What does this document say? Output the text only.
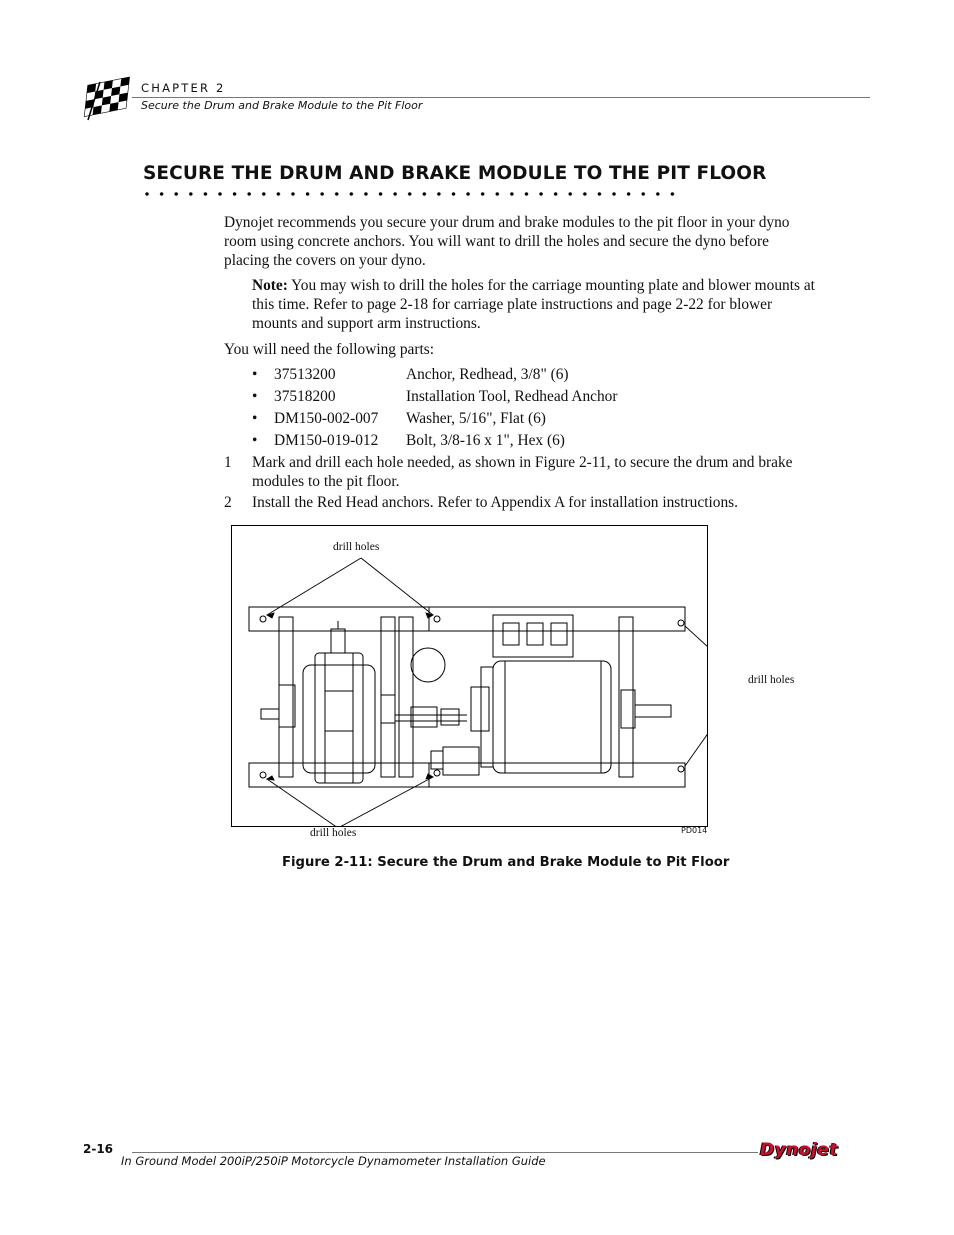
CHAPTER 2
Secure the Drum and Brake Module to the Pit Floor
SECURE THE DRUM AND BRAKE MODULE TO THE PIT FLOOR
Dynojet recommends you secure your drum and brake modules to the pit floor in your dyno room using concrete anchors. You will want to drill the holes and secure the dyno before placing the covers on your dyno.
Note: You may wish to drill the holes for the carriage mounting plate and blower mounts at this time. Refer to page 2-18 for carriage plate instructions and page 2-22 for blower mounts and support arm instructions.
You will need the following parts:
• 37513200	Anchor, Redhead, 3/8" (6)
• 37518200	Installation Tool, Redhead Anchor
• DM150-002-007 Washer, 5/16", Flat (6)
• DM150-019-012 Bolt, 3/8-16 x 1", Hex (6)
1 Mark and drill each hole needed, as shown in Figure 2-11, to secure the drum and brake modules to the pit floor.
2 Install the Red Head anchors. Refer to Appendix A for installation instructions.
drill holes
drill holes
drill holes	PD014
Figure 2-11: Secure the Drum and Brake Module to Pit Floor
2-16
In Ground Model 200iP/250iP Motorcycle Dynamometer Installation Guide
Dynojet
